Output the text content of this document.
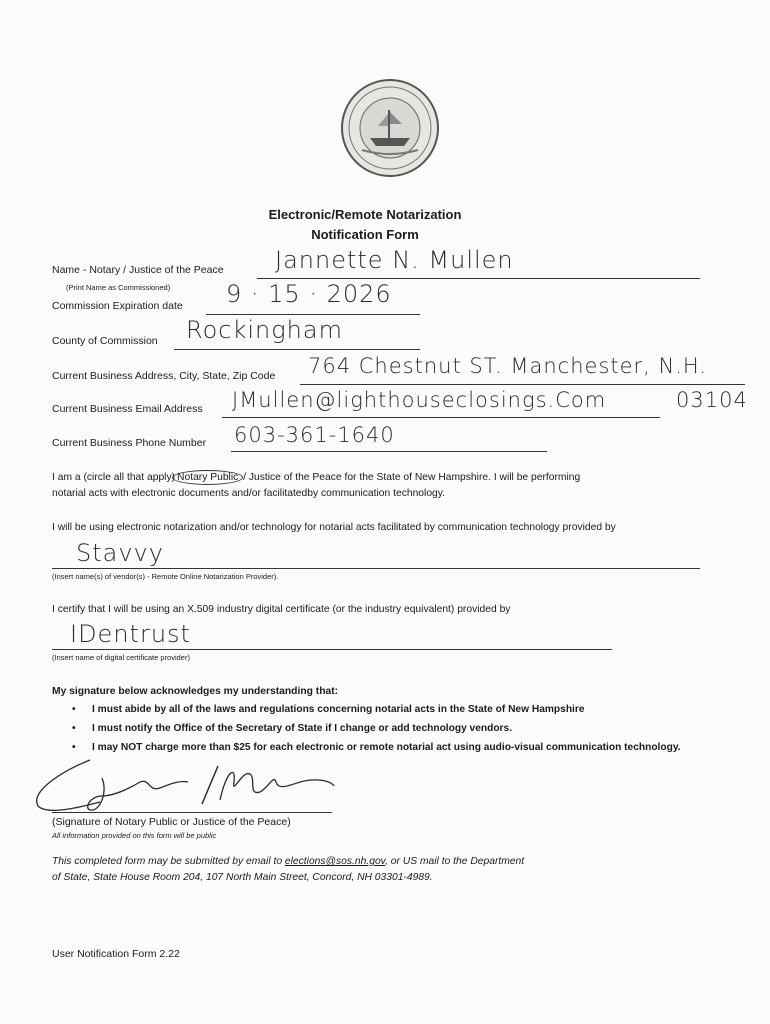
Electronic/Remote Notarization
Notification Form
Name - Notary / Justice of the Peace Jannette N. Mullen
(Print Name as Commissioned)
Commission Expiration date 9 · 15 · 2026
County of Commission Rockingham
Current Business Address, City, State, Zip Code 764 Chestnut ST. Manchester, N.H.
Current Business Email Address JMullen@lighthouseclosings.Com	03104
Current Business Phone Number 603-361-1640
I am a (circle all that apply) Notary Public / Justice of the Peace for the State of New Hampshire. I will be performing
notarial acts with electronic documents and/or facilitatedby communication technology.
I will be using electronic notarization and/or technology for notarial acts facilitated by communication technology provided by
Stavvy
(Insert name(s) of vendor(s) - Remote Online Notarization Provider).
I certify that I will be using an X.509 industry digital certificate (or the industry equivalent) provided by
IDentrust
(Insert name of digital certificate provider)
My signature below acknowledges my understanding that:
• I must abide by all of the laws and regulations concerning notarial acts in the State of New Hampshire
• I must notify the Office of the Secretary of State if I change or add technology vendors.
• I may NOT charge more than $25 for each electronic or remote notarial act using audio-visual communication technology.
(Signature of Notary Public or Justice of the Peace)
All information provided on this form will be public
This completed form may be submitted by email to elections@sos.nh.gov, or US mail to the Department
of State, State House Room 204, 107 North Main Street, Concord, NH 03301-4989.
User Notification Form 2.22
